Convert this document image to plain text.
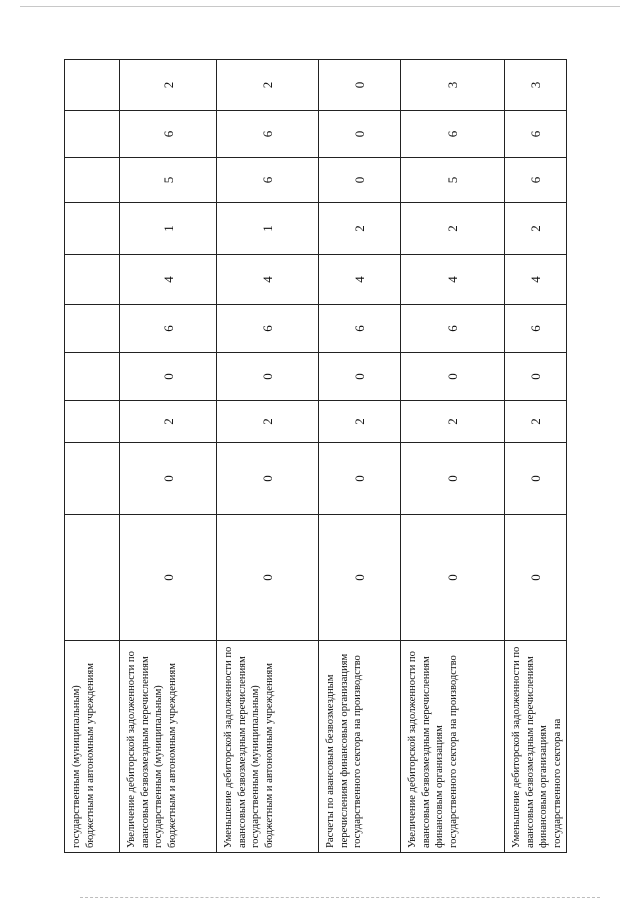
государственным (муниципальным) бюджетным и автономным учреждениям										
Увеличение дебиторской задолженности по авансовым безвозмездным перечислениям государственным (муниципальным) бюджетным и автономным учреждениям	0	0	2	0	6	4	1	5	6	2
Уменьшение дебиторской задолженности по авансовым безвозмездным перечислениям государственным (муниципальным) бюджетным и автономным учреждениям	0	0	2	0	6	4	1	6	6	2
Расчеты по авансовым безвозмездным перечислениям финансовым организациям государственного сектора на производство	0	0	2	0	6	4	2	0	0	0
Увеличение дебиторской задолженности по авансовым безвозмездным перечислениям финансовым организациям государственного сектора на производство	0	0	2	0	6	4	2	5	6	3
Уменьшение дебиторской задолженности по авансовым безвозмездным перечислениям финансовым организациям государственного сектора на	0	0	2	0	6	4	2	6	6	3
